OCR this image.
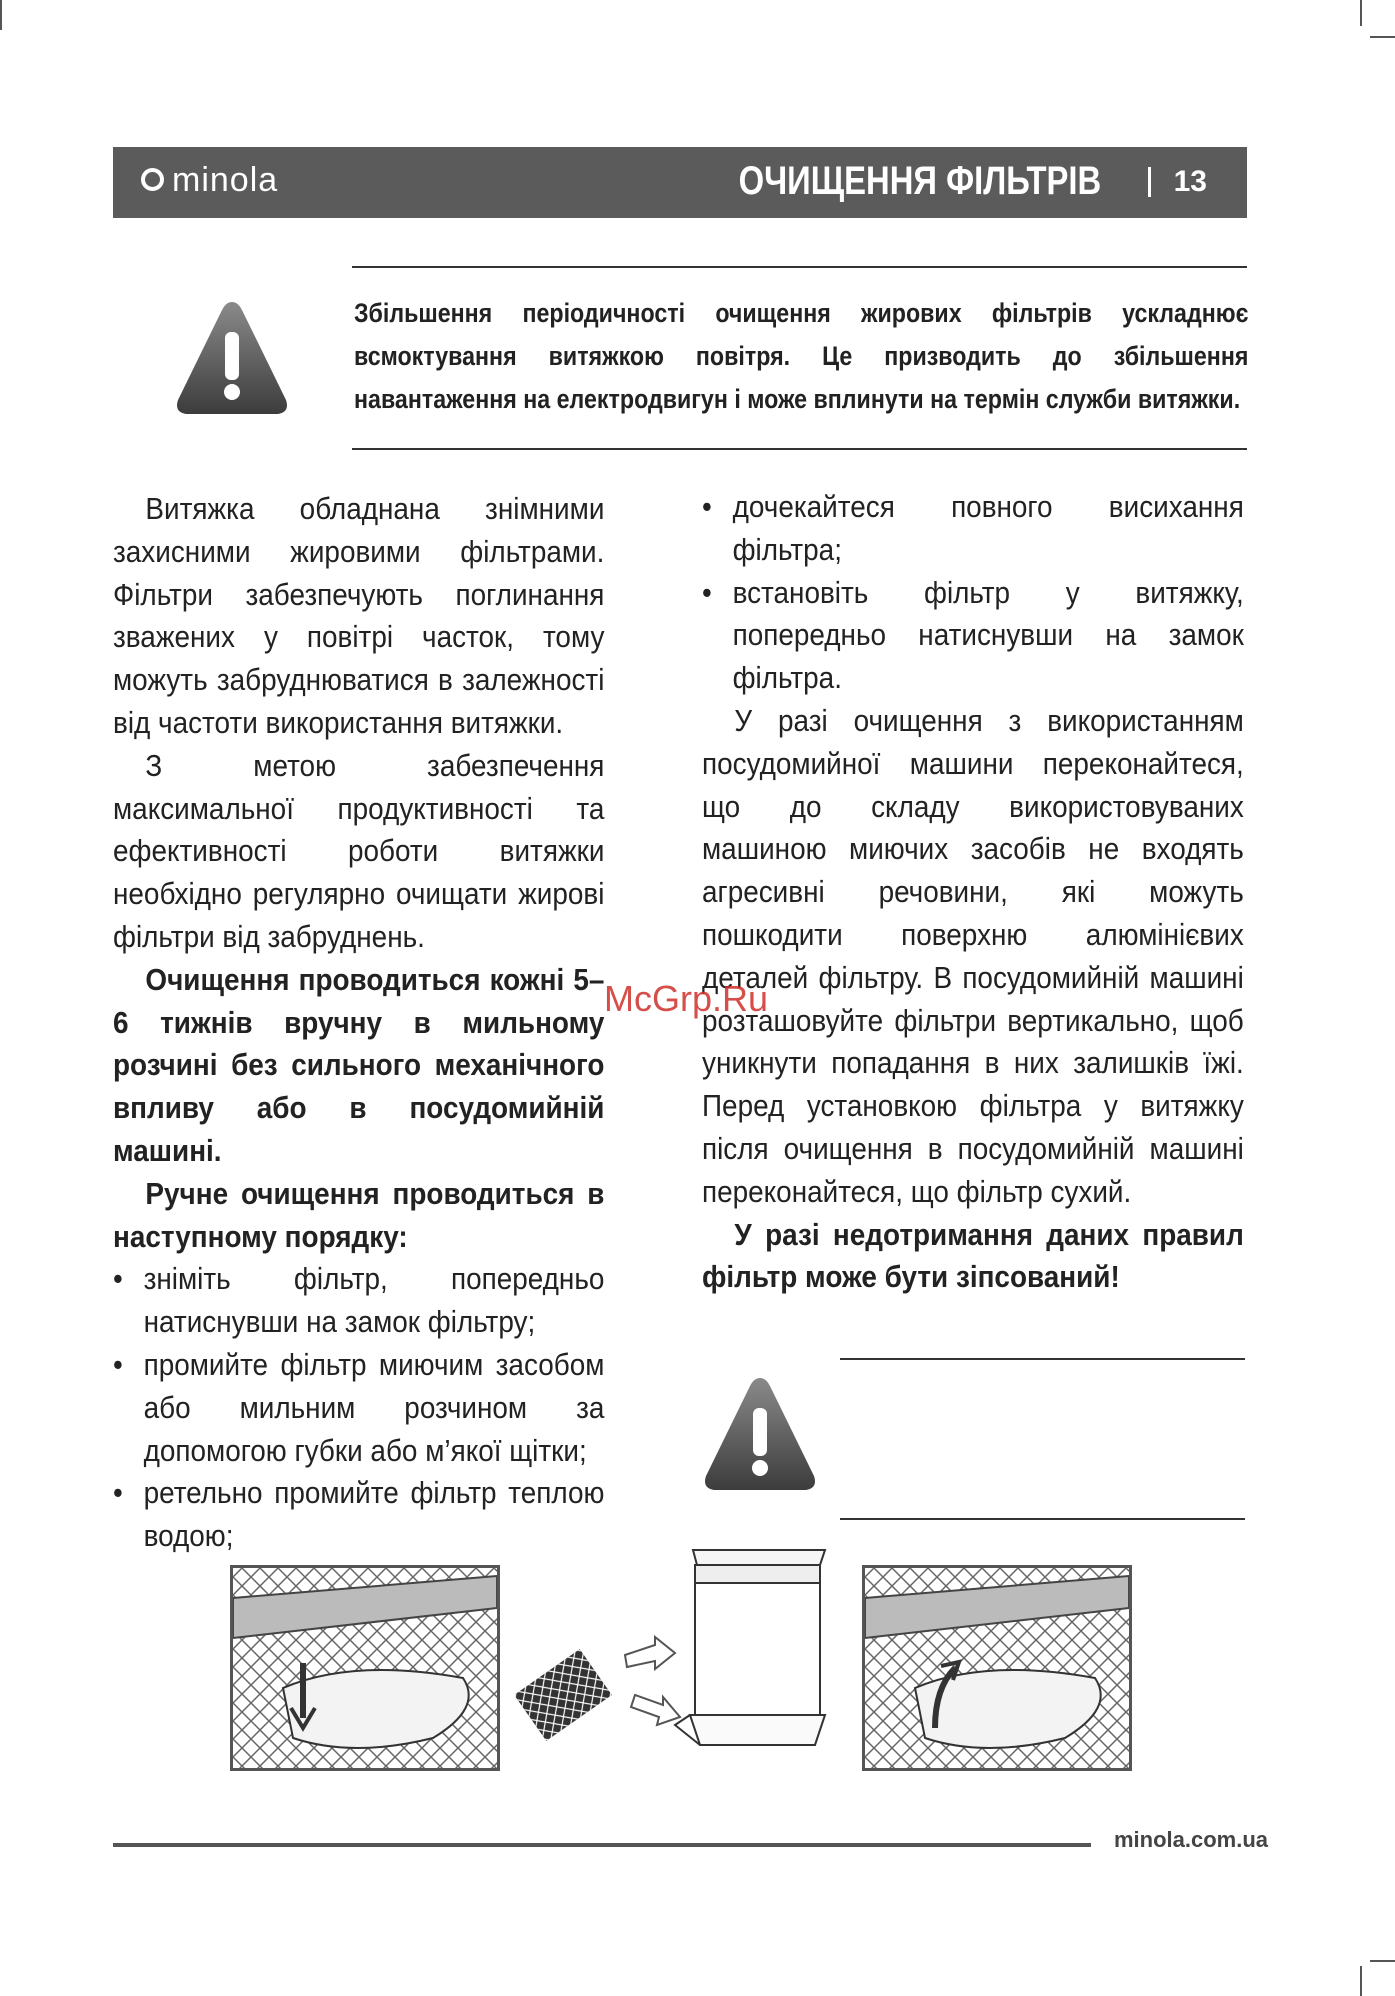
minola	ОЧИЩЕННЯ ФІЛЬТРІВ 13
Збільшення періодичності очищення жирових фільтрів ускладнює всмоктування витяжкою повітря. Це призводить до збільшення навантаження на електродвигун і може вплинути на термін служби витяжки.

Витяжка обладнана знімними захисними жировими фільтрами. Фільтри забезпечують поглинання зважених у повітрі часток, тому можуть забруднюватися в залежності від частоти використання витяжки.

З метою забезпечення максимальної продуктивності та ефективності роботи витяжки необхідно регулярно очищати жирові фільтри від забруднень.

Очищення проводиться кожні 5–6 тижнів вручну в мильному розчині без сильного механічного впливу або в посудомийній машині.

Ручне очищення проводиться в наступному порядку:

• зніміть фільтр, попередньо натиснувши на замок фільтру;
• промийте фільтр миючим засобом або мильним розчином за допомогою губки або м’якої щітки;
• ретельно промийте фільтр теплою водою;
• дочекайтеся повного висихання фільтра;
• встановіть фільтр у витяжку, попередньо натиснувши на замок фільтра.

У разі очищення з використанням посудомийної машини переконайтеся, що до складу використовуваних машиною миючих засобів не входять агресивні речовини, які можуть пошкодити поверхню алюмінієвих деталей фільтру. В посудомийній машині розташовуйте фільтри вертикально, щоб уникнути попадання в них залишків їжі. Перед установкою фільтра у витяжку після очищення в посудомийній машині переконайтеся, що фільтр сухий.

У разі недотримання даних правил фільтр може бути зіпсований!

McGrp.Ru
minola.com.ua
